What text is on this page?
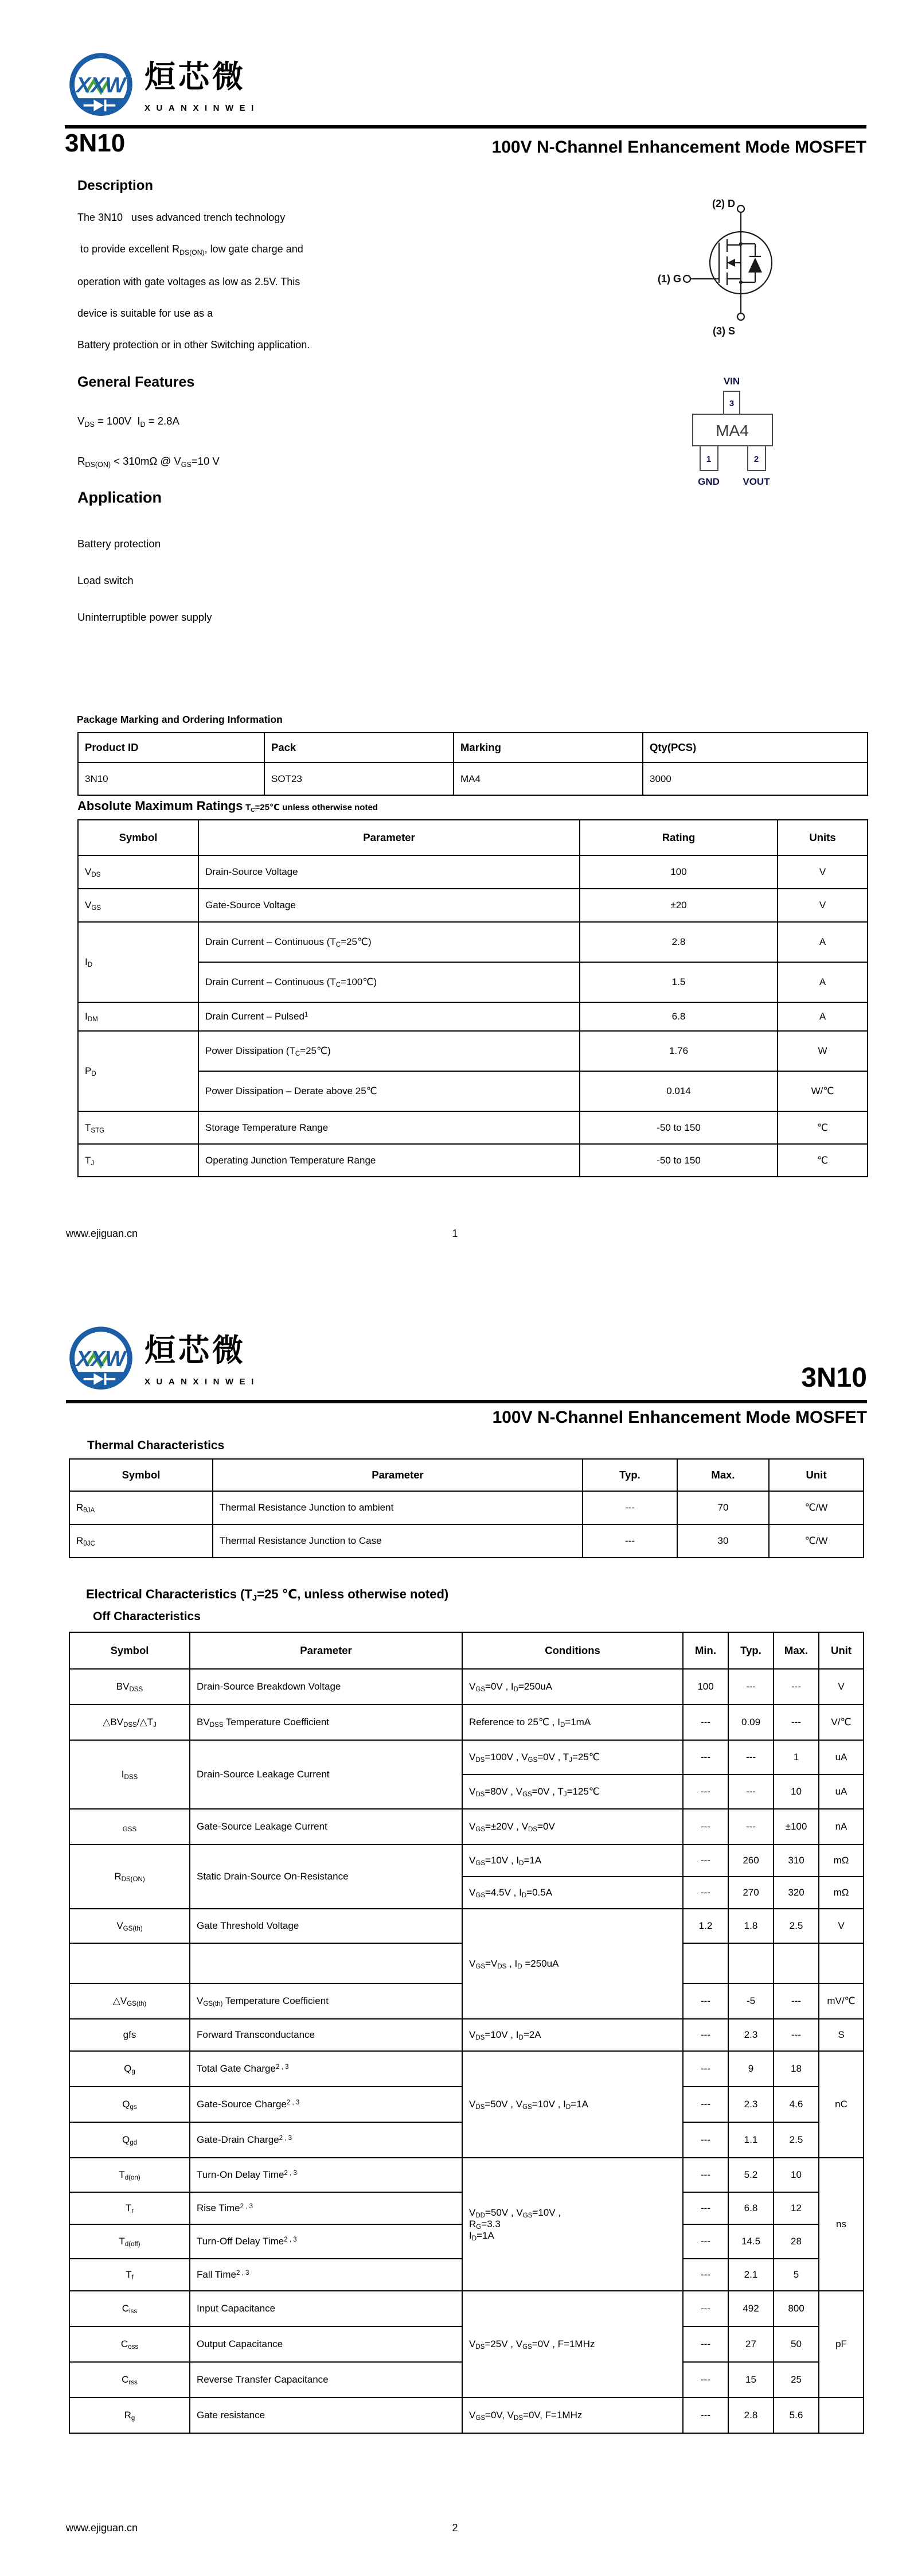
XXW 烜芯微
XUANXINWEI
3N10	100V N-Channel Enhancement Mode MOSFET
Description
The 3N10   uses advanced trench technology
to provide excellent $R_{DS(ON)}$, low gate charge and
operation with gate voltages as low as 2.5V. This
device is suitable for use as a
Battery protection or in other Switching application.
(2) D
(1) G
(3) S
General Features
$V_{DS} = 100V$  $I_D = 2.8A$
$R_{DS(ON)} < 310m\Omega$ @ $V_{GS}=10$ V
VIN
3
MA4
1	2
GND VOUT
Application
Battery protection
Load switch
Uninterruptible power supply
Package Marking and Ordering Information
Product ID	Pack	Marking	Qty(PCS)
3N10	SOT23	MA4	3000
Absolute Maximum Ratings $T_C=25℃$ unless otherwise noted
Symbol	Parameter	Rating	Units
$V_{DS}$	Drain-Source Voltage	100	V
$V_{GS}$	Gate-Source Voltage	±20	V
$I_D$	Drain Current – Continuous $(T_C=25℃)$	2.8	A
	Drain Current – Continuous $(T_C=100℃)$	1.5	A
$I_{DM}$	Drain Current – Pulsed$^1$	6.8	A
$P_D$	Power Dissipation $(T_C=25℃)$	1.76	W
	Power Dissipation – Derate above 25℃	0.014	W/℃
$T_{STG}$	Storage Temperature Range	-50 to 150	℃
$T_J$	Operating Junction Temperature Range	-50 to 150	℃
www.ejiguan.cn	1
XXW 烜芯微
XUANXINWEI	3N10
100V N-Channel Enhancement Mode MOSFET
Thermal Characteristics
Symbol	Parameter	Typ.	Max.	Unit
$R_{\theta JA}$	Thermal Resistance Junction to ambient	---	70	℃/W
$R_{\theta JC}$	Thermal Resistance Junction to Case	---	30	℃/W
Electrical Characteristics ($T_J=25$ ℃, unless otherwise noted)
Off Characteristics
Symbol	Parameter	Conditions	Min.	Typ.	Max.	Unit
$BV_{DSS}$	Drain-Source Breakdown Voltage	$V_{GS}=0V$ , $I_D=250uA$	100	---	---	V
$\triangle BV_{DSS}/\triangle T_J$	$BV_{DSS}$ Temperature Coefficient	Reference to 25℃ , $I_D=1mA$	---	0.09	---	V/℃
$I_{DSS}$	Drain-Source Leakage Current	$V_{DS}=100V$ , $V_{GS}=0V$ , $T_J=25℃$	---	---	1	uA
		$V_{DS}=80V$ , $V_{GS}=0V$ , $T_J=125℃$	---	---	10	uA
$_{GSS}$	Gate-Source Leakage Current	$V_{GS}=\pm 20V$ , $V_{DS}=0V$	---	---	±100	nA
$R_{DS(ON)}$	Static Drain-Source On-Resistance	$V_{GS}=10V$ , $I_D=1A$	---	260	310	mΩ
		$V_{GS}=4.5V$ , $I_D=0.5A$	---	270	320	mΩ
$V_{GS(th)}$	Gate Threshold Voltage	$V_{GS}=V_{DS}$ , $I_D =250uA$	1.2	1.8	2.5	V

$\triangle V_{GS(th)}$	$V_{GS(th)}$ Temperature Coefficient		---	-5	---	mV/℃
gfs	Forward Transconductance	$V_{DS}=10V$ , $I_D=2A$	---	2.3	---	S
$Q_g$	Total Gate Charge$^{2 , 3}$	$V_{DS}=50V$ , $V_{GS}=10V$ , $I_D=1A$	---	9	18	nC
$Q_{gs}$	Gate-Source Charge$^{2 , 3}$		---	2.3	4.6	
$Q_{gd}$	Gate-Drain Charge$^{2 , 3}$		---	1.1	2.5	
$T_{d(on)}$	Turn-On Delay Time$^{2 , 3}$	$V_{DD}=50V$ , $V_{GS}=10V$ ,
$R_G=3.3$
$I_D=1A$	---	5.2	10	ns
$T_r$	Rise Time$^{2 , 3}$		---	6.8	12	
$T_{d(off)}$	Turn-Off Delay Time$^{2 , 3}$		---	14.5	28	
$T_f$	Fall Time$^{2 , 3}$		---	2.1	5	
$C_{iss}$	Input Capacitance	$V_{DS}=25V$ , $V_{GS}=0V$ , F=1MHz	---	492	800	pF
$C_{oss}$	Output Capacitance		---	27	50	
$C_{rss}$	Reverse Transfer Capacitance		---	15	25	
$R_g$	Gate resistance	$V_{GS}=0V$, $V_{DS}=0V$, F=1MHz	---	2.8	5.6	
www.ejiguan.cn	2
